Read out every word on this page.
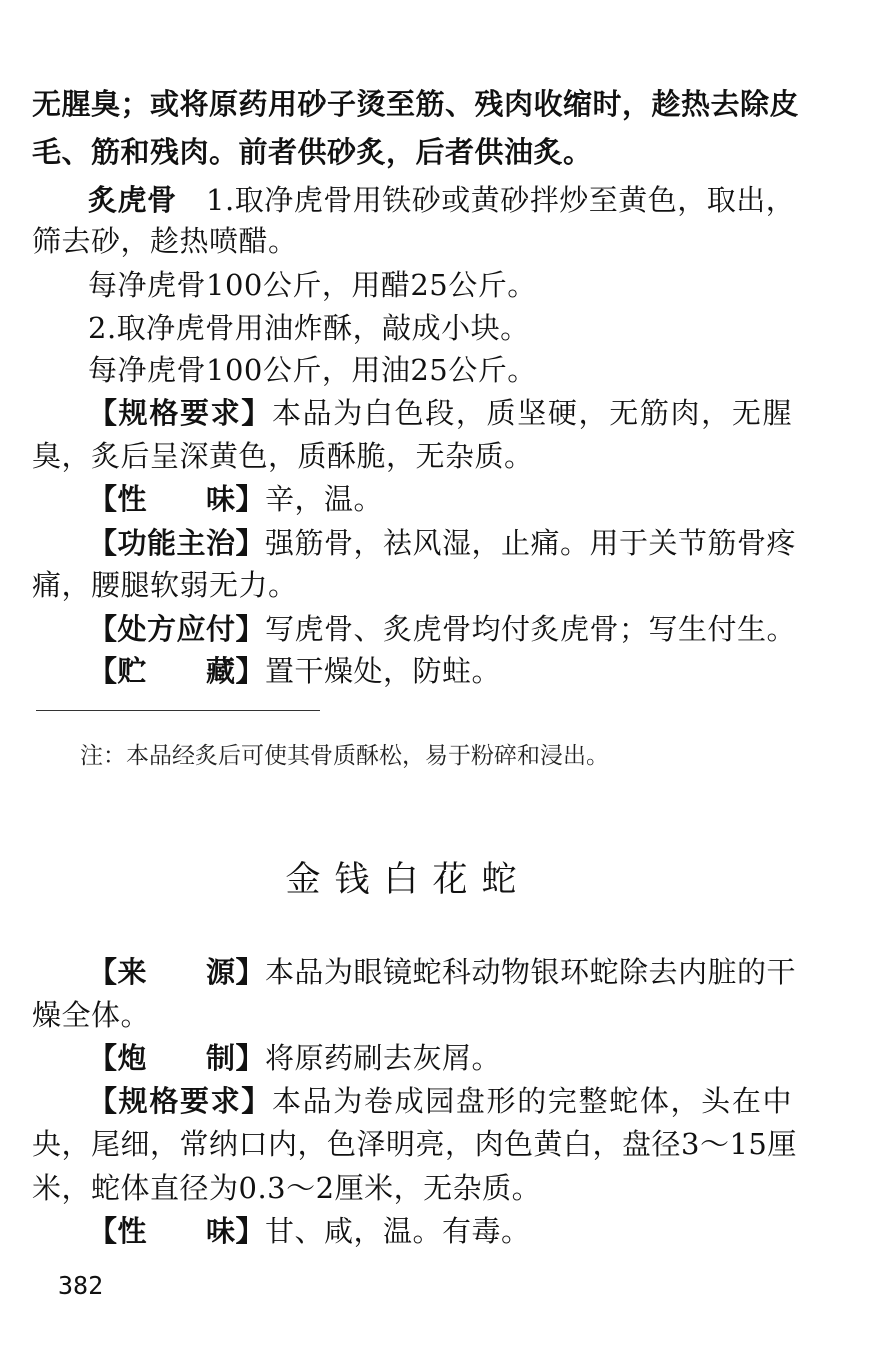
无腥臭；或将原药用砂子烫至筋、残肉收缩时，趁热去除皮
毛、筋和残肉。前者供砂炙，后者供油炙。
炙虎骨　 1.取净虎骨用铁砂或黄砂拌炒至黄色，取出，
筛去砂，趁热喷醋。
每净虎骨100公斤，用醋25公斤。
2.取净虎骨用油炸酥，敲成小块。
每净虎骨100公斤，用油25公斤。
【规格要求】本品为白色段，质坚硬，无筋肉，无腥
臭，炙后呈深黄色，质酥脆，无杂质。
【性　　味】辛，温。
【功能主治】强筋骨，祛风湿，止痛。用于关节筋骨疼
痛，腰腿软弱无力。
【处方应付】写虎骨、炙虎骨均付炙虎骨；写生付生。
【贮　　藏】置干燥处，防蛀。
注：本品经炙后可使其骨质酥松，易于粉碎和浸出。
金钱白花蛇
【来　　源】本品为眼镜蛇科动物银环蛇除去内脏的干
燥全体。
【炮　　制】将原药刷去灰屑。
【规格要求】本品为卷成园盘形的完整蛇体，头在中
央，尾细，常纳口内，色泽明亮，肉色黄白，盘径3～15厘
米，蛇体直径为0.3～2厘米，无杂质。
【性　　味】甘、咸，温。有毒。
382
